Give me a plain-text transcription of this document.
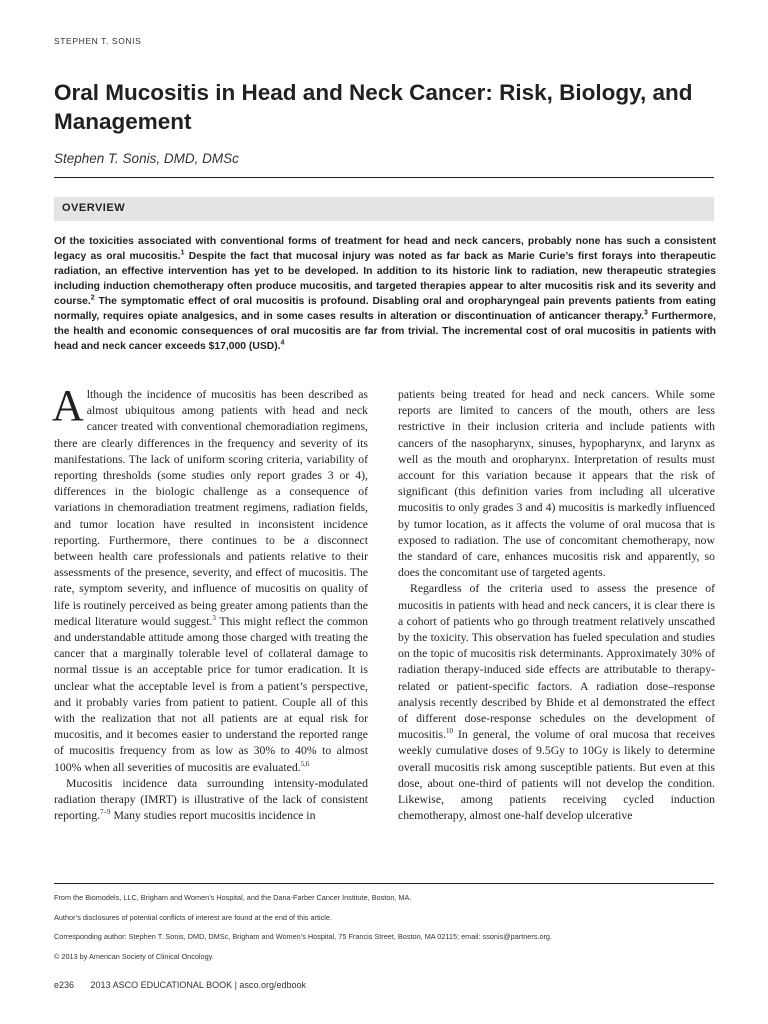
STEPHEN T. SONIS
Oral Mucositis in Head and Neck Cancer: Risk, Biology, and Management
Stephen T. Sonis, DMD, DMSc
OVERVIEW
Of the toxicities associated with conventional forms of treatment for head and neck cancers, probably none has such a consistent legacy as oral mucositis.$^1$ Despite the fact that mucosal injury was noted as far back as Marie Curie’s first forays into therapeutic radiation, an effective intervention has yet to be developed. In addition to its historic link to radiation, new therapeutic strategies including induction chemotherapy often produce mucositis, and targeted therapies appear to alter mucositis risk and its severity and course.$^2$ The symptomatic effect of oral mucositis is profound. Disabling oral and oropharyngeal pain prevents patients from eating normally, requires opiate analgesics, and in some cases results in alteration or discontinuation of anticancer therapy.$^3$ Furthermore, the health and economic consequences of oral mucositis are far from trivial. The incremental cost of oral mucositis in patients with head and neck cancer exceeds $17,000 (USD).$^4$

Although the incidence of mucositis has been described as almost ubiquitous among patients with head and neck cancer treated with conventional chemoradiation regimens, there are clearly differences in the frequency and severity of its manifestations. The lack of uniform scoring criteria, variability of reporting thresholds (some studies only report grades 3 or 4), differences in the biologic challenge as a consequence of variations in chemoradiation treatment regimens, radiation fields, and tumor location have resulted in inconsistent incidence reporting. Furthermore, there continues to be a disconnect between health care professionals and patients relative to their assessments of the presence, severity, and effect of mucositis. The rate, symptom severity, and influence of mucositis on quality of life is routinely perceived as being greater among patients than the medical literature would suggest.$^3$ This might reflect the common and understandable attitude among those charged with treating the cancer that a marginally tolerable level of collateral damage to normal tissue is an acceptable price for tumor eradication. It is unclear what the acceptable level is from a patient’s perspective, and it probably varies from patient to patient. Couple all of this with the realization that not all patients are at equal risk for mucositis, and it becomes easier to understand the reported range of mucositis frequency from as low as 30% to 40% to almost 100% when all severities of mucositis are evaluated.$^{5,6}$

Mucositis incidence data surrounding intensity-modulated radiation therapy (IMRT) is illustrative of the lack of consistent reporting.$^{7-9}$ Many studies report mucositis incidence in

patients being treated for head and neck cancers. While some reports are limited to cancers of the mouth, others are less restrictive in their inclusion criteria and include patients with cancers of the nasopharynx, sinuses, hypopharynx, and larynx as well as the mouth and oropharynx. Interpretation of results must account for this variation because it appears that the risk of significant (this definition varies from including all ulcerative mucositis to only grades 3 and 4) mucositis is markedly influenced by tumor location, as it affects the volume of oral mucosa that is exposed to radiation. The use of concomitant chemotherapy, now the standard of care, enhances mucositis risk and apparently, so does the concomitant use of targeted agents.

Regardless of the criteria used to assess the presence of mucositis in patients with head and neck cancers, it is clear there is a cohort of patients who go through treatment relatively unscathed by the toxicity. This observation has fueled speculation and studies on the topic of mucositis risk determinants. Approximately 30% of radiation therapy-induced side effects are attributable to therapy-related or patient-specific factors. A radiation dose–response analysis recently described by Bhide et al demonstrated the effect of different dose-response schedules on the development of mucositis.$^{10}$ In general, the volume of oral mucosa that receives weekly cumulative doses of 9.5Gy to 10Gy is likely to determine overall mucositis risk among susceptible patients. But even at this dose, about one-third of patients will not develop the condition. Likewise, among patients receiving cycled induction chemotherapy, almost one-half develop ulcerative

From the Biomodels, LLC, Brigham and Women’s Hospital, and the Dana-Farber Cancer Institute, Boston, MA.

Author’s disclosures of potential conflicts of interest are found at the end of this article.

Corresponding author: Stephen T. Sonis, DMD, DMSc, Brigham and Women’s Hospital, 75 Francis Street, Boston, MA 02115; email: ssonis@partners.org.

© 2013 by American Society of Clinical Oncology.

e236 2013 ASCO EDUCATIONAL BOOK | asco.org/edbook
